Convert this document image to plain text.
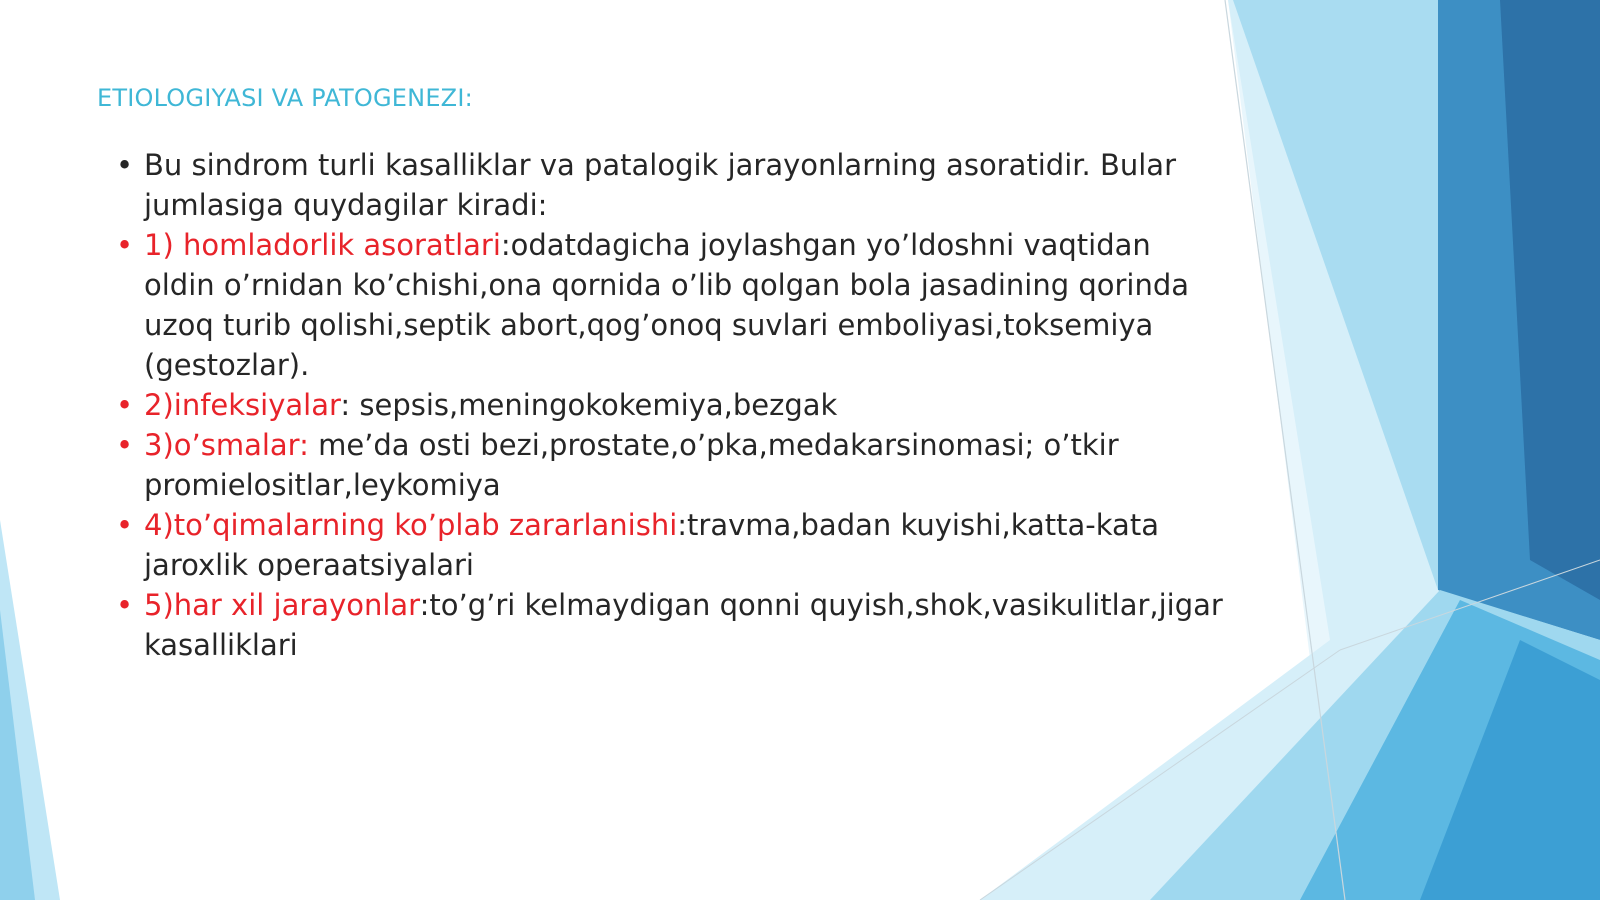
ETIOLOGIYASI VA PATOGENEZI:
• Bu sindrom turli kasalliklar va patalogik jarayonlarning asoratidir. Bular jumlasiga quydagilar kiradi:
• 1) homladorlik asoratlari:odatdagicha joylashgan yo’ldoshni vaqtidan oldin o’rnidan ko’chishi,ona qornida o’lib qolgan bola jasadining qorinda uzoq turib qolishi,septik abort,qog’onoq suvlari emboliyasi,toksemiya (gestozlar).
• 2)infeksiyalar: sepsis,meningokokemiya,bezgak
• 3)o’smalar: me’da osti bezi,prostate,o’pka,medakarsinomasi; o’tkir promielositlar,leykomiya
• 4)to’qimalarning ko’plab zararlanishi:travma,badan kuyishi,katta-kata jaroxlik operaatsiyalari
• 5)har xil jarayonlar:to’g’ri kelmaydigan qonni quyish,shok,vasikulitlar,jigar kasalliklari
